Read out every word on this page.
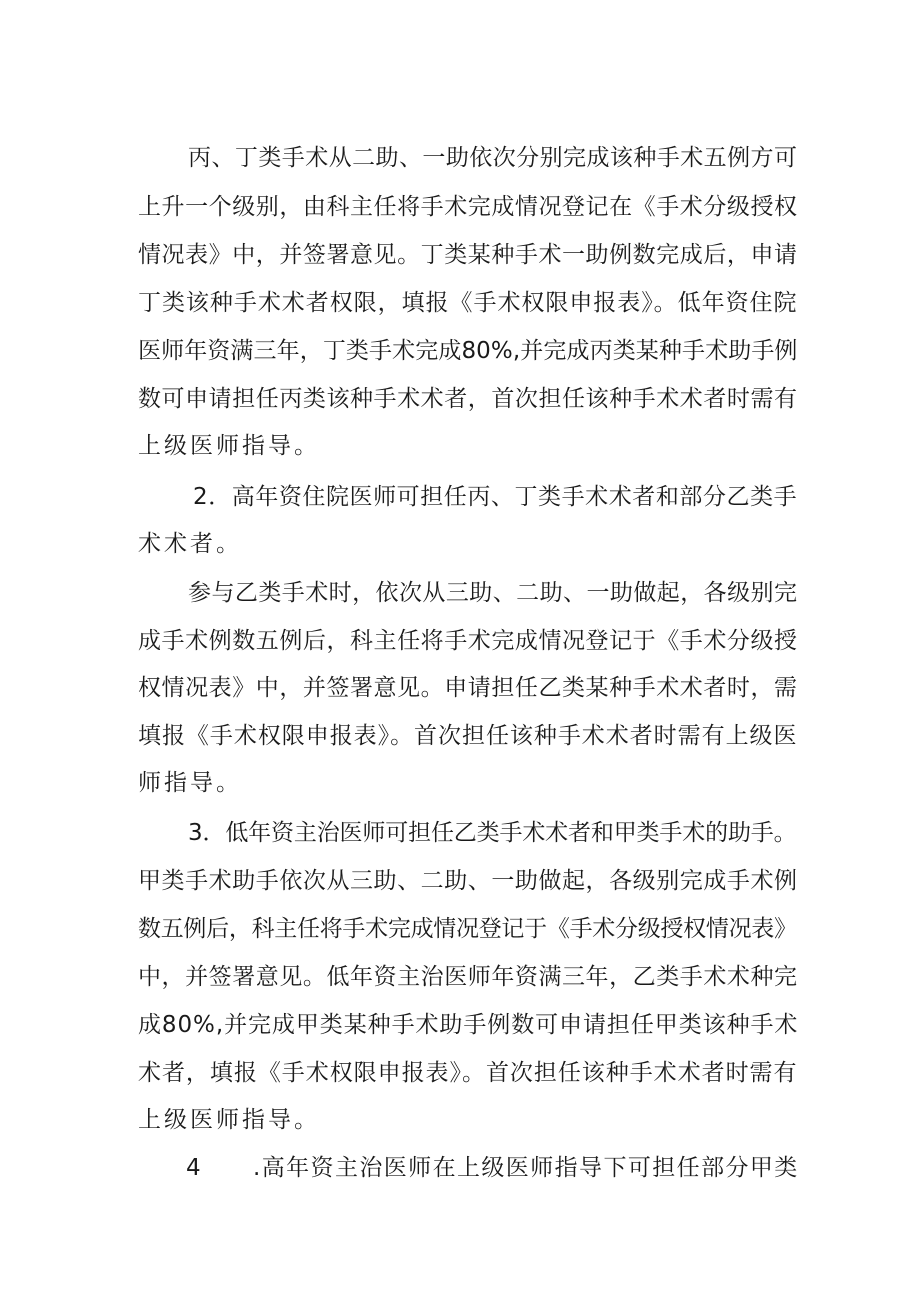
丙、丁类手术从二助、一助依次分别完成该种手术五例方可
上升一个级别，由科主任将手术完成情况登记在《手术分级授权
情况表》中，并签署意见。丁类某种手术一助例数完成后，申请
丁类该种手术术者权限，填报《手术权限申报表》。低年资住院
医师年资满三年，丁类手术完成80%,并完成丙类某种手术助手例
数可申请担任丙类该种手术术者，首次担任该种手术术者时需有
上级医师指导。
2．高年资住院医师可担任丙、丁类手术术者和部分乙类手
术术者。
参与乙类手术时，依次从三助、二助、一助做起，各级别完
成手术例数五例后，科主任将手术完成情况登记于《手术分级授
权情况表》中，并签署意见。申请担任乙类某种手术术者时，需
填报《手术权限申报表》。首次担任该种手术术者时需有上级医
师指导。
3．低年资主治医师可担任乙类手术术者和甲类手术的助手。
甲类手术助手依次从三助、二助、一助做起，各级别完成手术例
数五例后，科主任将手术完成情况登记于《手术分级授权情况表》
中，并签署意见。低年资主治医师年资满三年，乙类手术术种完
成80%,并完成甲类某种手术助手例数可申请担任甲类该种手术
术者，填报《手术权限申报表》。首次担任该种手术术者时需有
上级医师指导。
4 .高年资主治医师在上级医师指导下可担任部分甲类
